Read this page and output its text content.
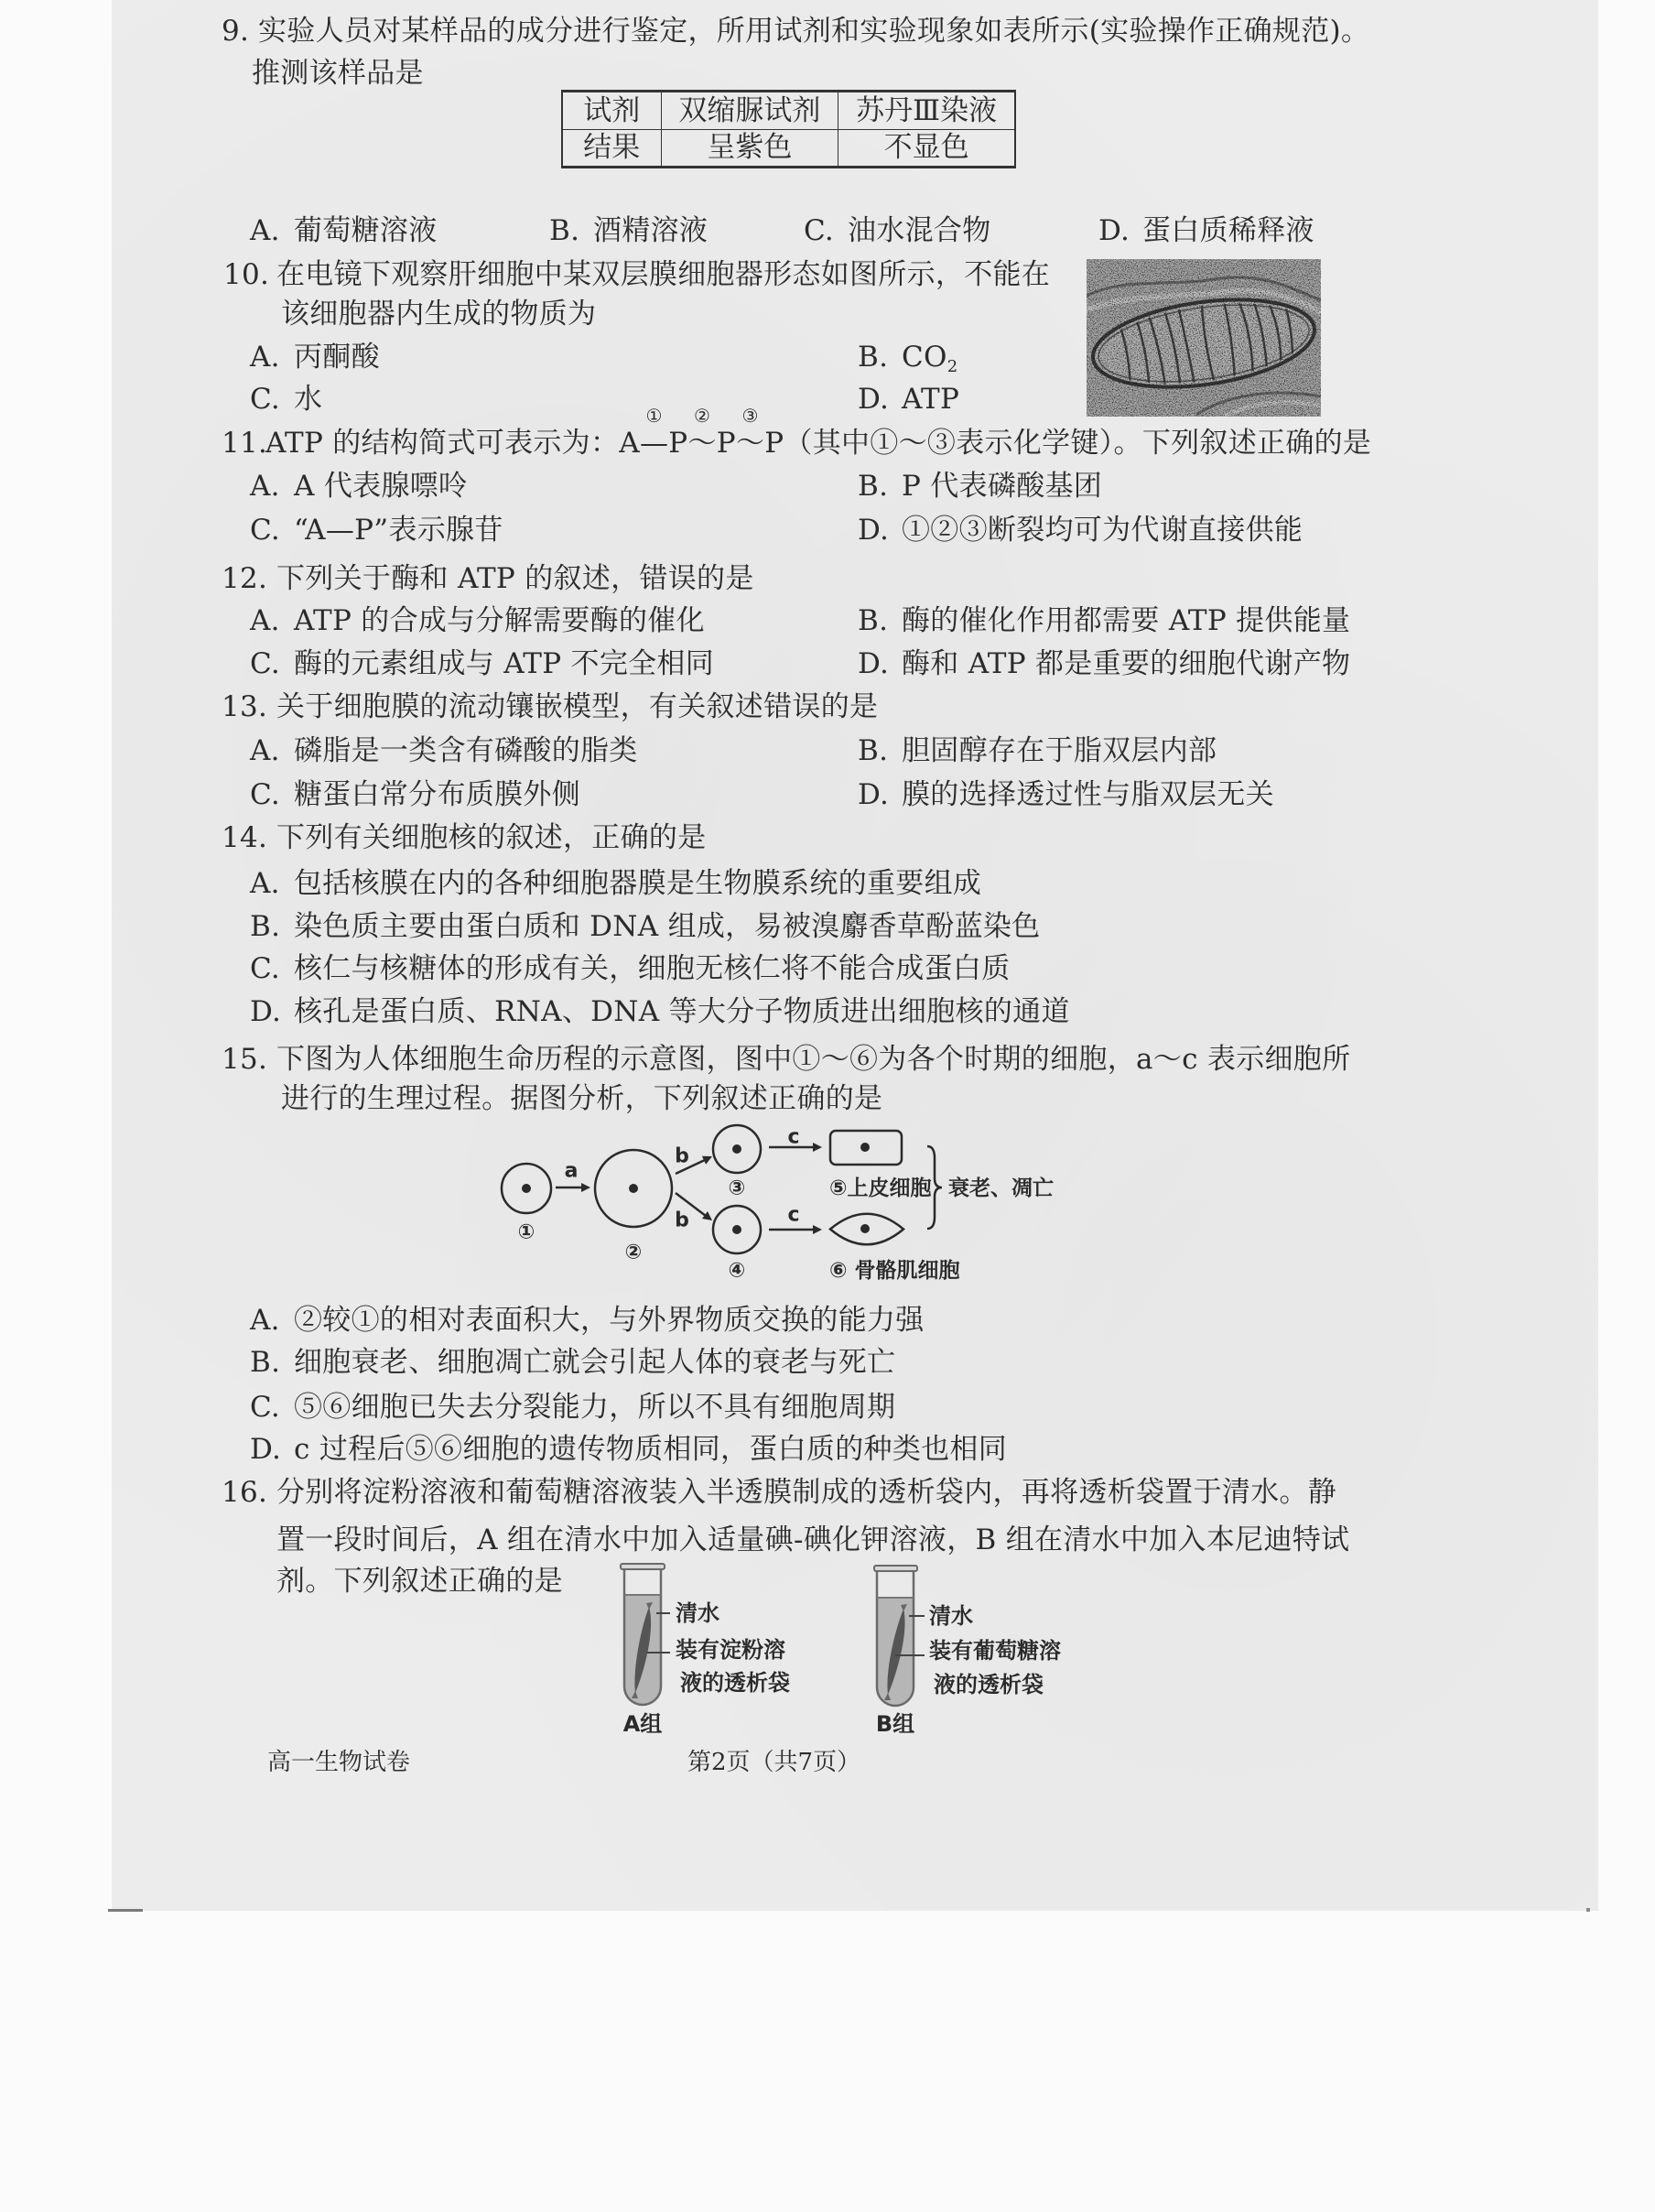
9. 实验人员对某样品的成分进行鉴定，所用试剂和实验现象如表所示(实验操作正确规范)。
推测该样品是
试剂	双缩脲试剂	苏丹Ⅲ染液
结果	呈紫色	不显色
A. 葡萄糖溶液	B. 酒精溶液	C. 油水混合物	D. 蛋白质稀释液
10. 在电镜下观察肝细胞中某双层膜细胞器形态如图所示，不能在
该细胞器内生成的物质为
A. 丙酮酸	B. $CO_2$
C. 水	D. ATP
11.
ATP 的结构简式可表示为：A
①
—P
②
～P
③
～P（其中①～③表示化学键）。下列叙述正确的是
A. A 代表腺嘌呤	B. P 代表磷酸基团
C. “A—P”表示腺苷	D. ①②③断裂均可为代谢直接供能
12. 下列关于酶和 ATP 的叙述，错误的是
A. ATP 的合成与分解需要酶的催化	B. 酶的催化作用都需要 ATP 提供能量
C. 酶的元素组成与 ATP 不完全相同	D. 酶和 ATP 都是重要的细胞代谢产物
13. 关于细胞膜的流动镶嵌模型，有关叙述错误的是
A. 磷脂是一类含有磷酸的脂类	B. 胆固醇存在于脂双层内部
C. 糖蛋白常分布质膜外侧	D. 膜的选择透过性与脂双层无关
14. 下列有关细胞核的叙述，正确的是
A. 包括核膜在内的各种细胞器膜是生物膜系统的重要组成
B. 染色质主要由蛋白质和 DNA 组成，易被溴麝香草酚蓝染色
C. 核仁与核糖体的形成有关，细胞无核仁将不能合成蛋白质
D. 核孔是蛋白质、RNA、DNA 等大分子物质进出细胞核的通道
15. 下图为人体细胞生命历程的示意图，图中①～⑥为各个时期的细胞，a～c 表示细胞所
进行的生理过程。据图分析，下列叙述正确的是
①
②
③
④
a
b
b
c
c
⑤上皮细胞
⑥ 骨骼肌细胞
衰老、凋亡
A. ②较①的相对表面积大，与外界物质交换的能力强
B. 细胞衰老、细胞凋亡就会引起人体的衰老与死亡
C. ⑤⑥细胞已失去分裂能力，所以不具有细胞周期
D. c 过程后⑤⑥细胞的遗传物质相同，蛋白质的种类也相同
16. 分别将淀粉溶液和葡萄糖溶液装入半透膜制成的透析袋内，再将透析袋置于清水。静
置一段时间后，A 组在清水中加入适量碘-碘化钾溶液，B 组在清水中加入本尼迪特试
剂。下列叙述正确的是
清水
装有淀粉溶
液的透析袋
清水
装有葡萄糖溶
液的透析袋
A组	B组
高一生物试卷	第2页（共7页）
